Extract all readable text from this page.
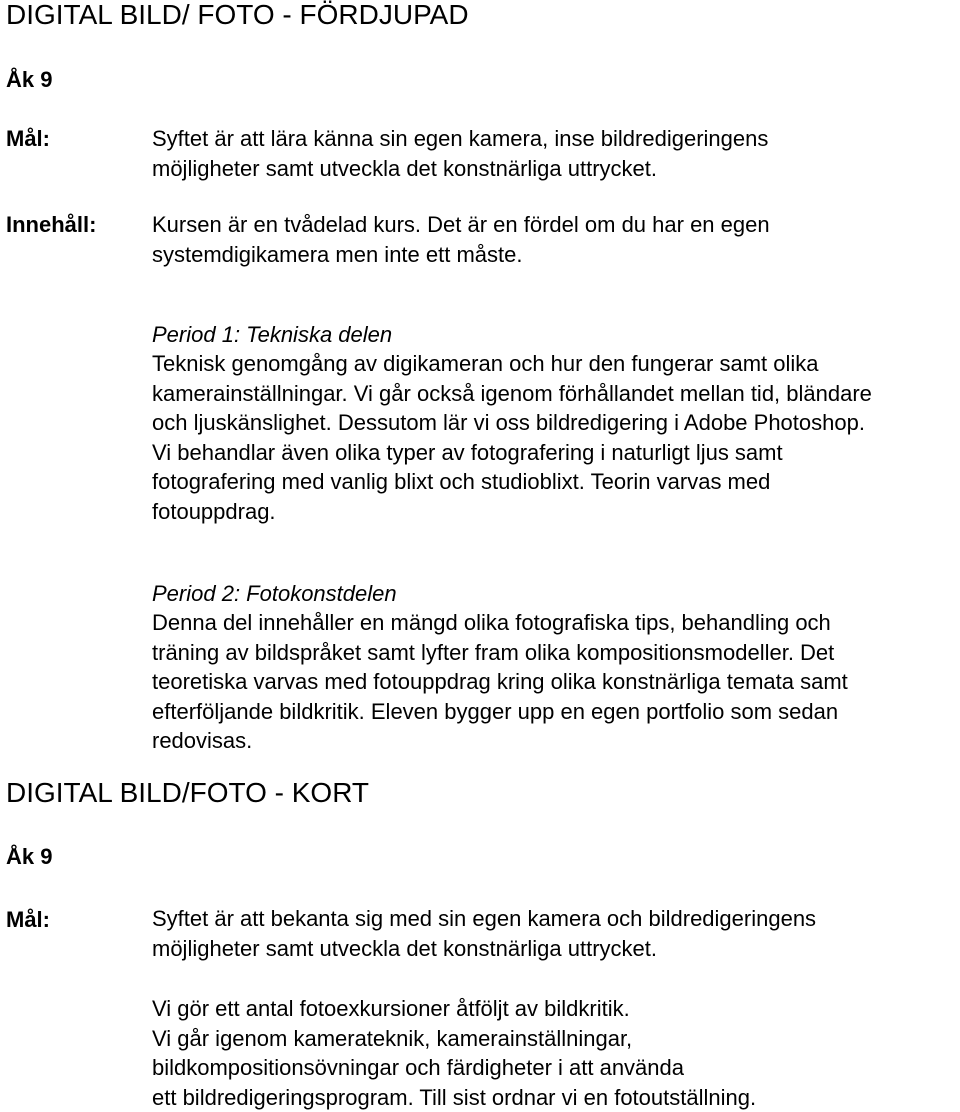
DIGITAL BILD/ FOTO - FÖRDJUPAD
Åk 9
Mål:	Syftet är att lära känna sin egen kamera, inse bildredigeringens
möjligheter samt utveckla det konstnärliga uttrycket.
Innehåll:	Kursen är en tvådelad kurs. Det är en fördel om du har en egen
systemdigikamera men inte ett måste.

Period 1: Tekniska delen
Teknisk genomgång av digikameran och hur den fungerar samt olika
kamerainställningar. Vi går också igenom förhållandet mellan tid, bländare
och ljuskänslighet. Dessutom lär vi oss bildredigering i Adobe Photoshop.
Vi behandlar även olika typer av fotografering i naturligt ljus samt
fotografering med vanlig blixt och studioblixt. Teorin varvas med
fotouppdrag.

Period 2: Fotokonstdelen
Denna del innehåller en mängd olika fotografiska tips, behandling och
träning av bildspråket samt lyfter fram olika kompositionsmodeller. Det
teoretiska varvas med fotouppdrag kring olika konstnärliga temata samt
efterföljande bildkritik. Eleven bygger upp en egen portfolio som sedan
redovisas.

DIGITAL BILD/FOTO - KORT
Åk 9
Mål:	Syftet är att bekanta sig med sin egen kamera och bildredigeringens
möjligheter samt utveckla det konstnärliga uttrycket.
Vi gör ett antal fotoexkursioner åtföljt av bildkritik.
Vi går igenom kamerateknik, kamerainställningar,
bildkompositionsövningar och färdigheter i att använda
ett bildredigeringsprogram. Till sist ordnar vi en fotoutställning.
